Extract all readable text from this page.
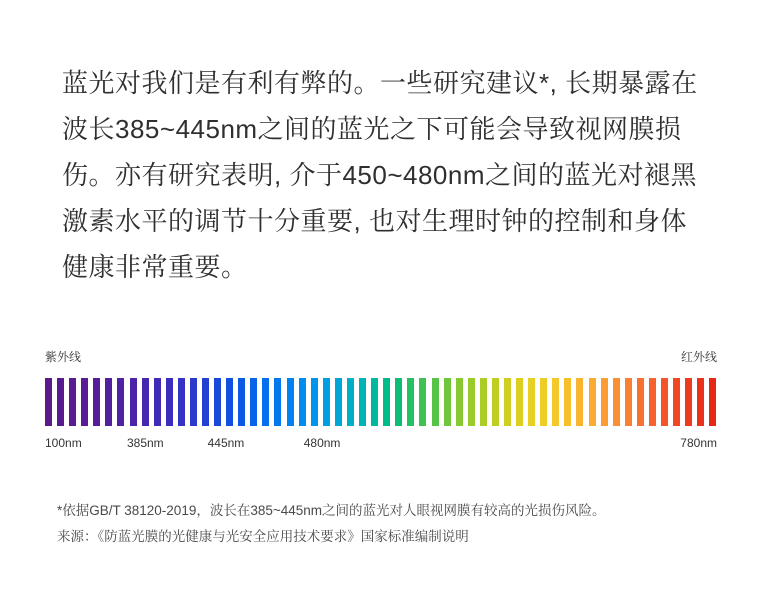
蓝光对我们是有利有弊的。一些研究建议*, 长期暴露在波长385~445nm之间的蓝光之下可能会导致视网膜损伤。亦有研究表明, 介于450~480nm之间的蓝光对褪黑激素水平的调节十分重要, 也对生理时钟的控制和身体健康非常重要。

紫外线	红外线
100nm	385nm	445nm	480nm	780nm
*依据GB/T 38120-2019，波长在385~445nm之间的蓝光对人眼视网膜有较高的光损伤风险。
来源：《防蓝光膜的光健康与光安全应用技术要求》国家标准编制说明
